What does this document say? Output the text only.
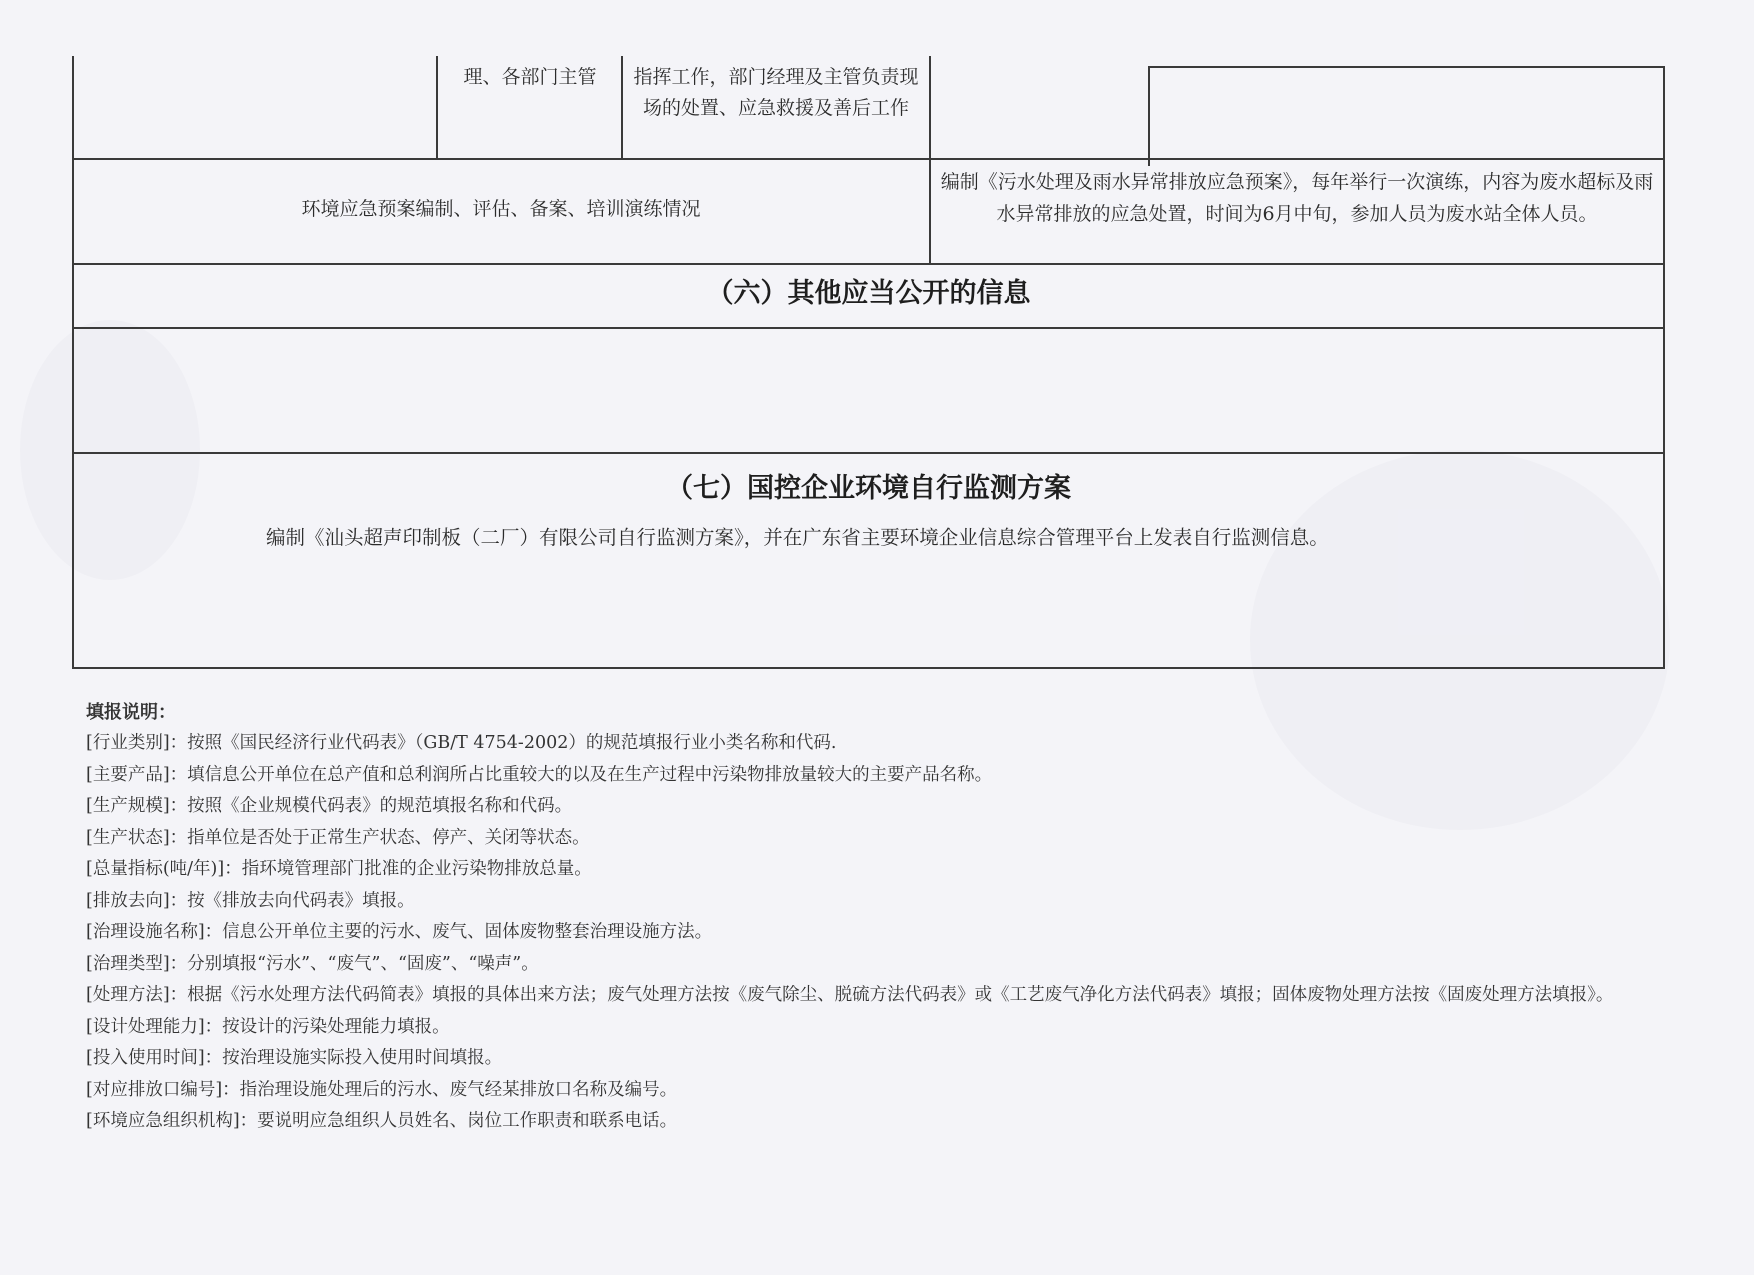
理、各部门主管	指挥工作，部门经理及主管负责现场的处置、应急救援及善后工作
环境应急预案编制、评估、备案、培训演练情况
编制《污水处理及雨水异常排放应急预案》，每年举行一次演练，内容为废水超标及雨水异常排放的应急处置，时间为6月中旬，参加人员为废水站全体人员。
（六）其他应当公开的信息
（七）国控企业环境自行监测方案
编制《汕头超声印制板（二厂）有限公司自行监测方案》，并在广东省主要环境企业信息综合管理平台上发表自行监测信息。
填报说明：
[行业类别]：按照《国民经济行业代码表》（GB/T 4754-2002）的规范填报行业小类名称和代码.
[主要产品]：填信息公开单位在总产值和总利润所占比重较大的以及在生产过程中污染物排放量较大的主要产品名称。
[生产规模]：按照《企业规模代码表》的规范填报名称和代码。
[生产状态]：指单位是否处于正常生产状态、停产、关闭等状态。
[总量指标(吨/年)]：指环境管理部门批准的企业污染物排放总量。
[排放去向]：按《排放去向代码表》填报。
[治理设施名称]：信息公开单位主要的污水、废气、固体废物整套治理设施方法。
[治理类型]：分别填报“污水”、“废气”、“固废”、“噪声”。
[处理方法]：根据《污水处理方法代码简表》填报的具体出来方法；废气处理方法按《废气除尘、脱硫方法代码表》或《工艺废气净化方法代码表》填报；固体废物处理方法按《固废处理方法填报》。
[设计处理能力]：按设计的污染处理能力填报。
[投入使用时间]：按治理设施实际投入使用时间填报。
[对应排放口编号]：指治理设施处理后的污水、废气经某排放口名称及编号。
[环境应急组织机构]：要说明应急组织人员姓名、岗位工作职责和联系电话。
